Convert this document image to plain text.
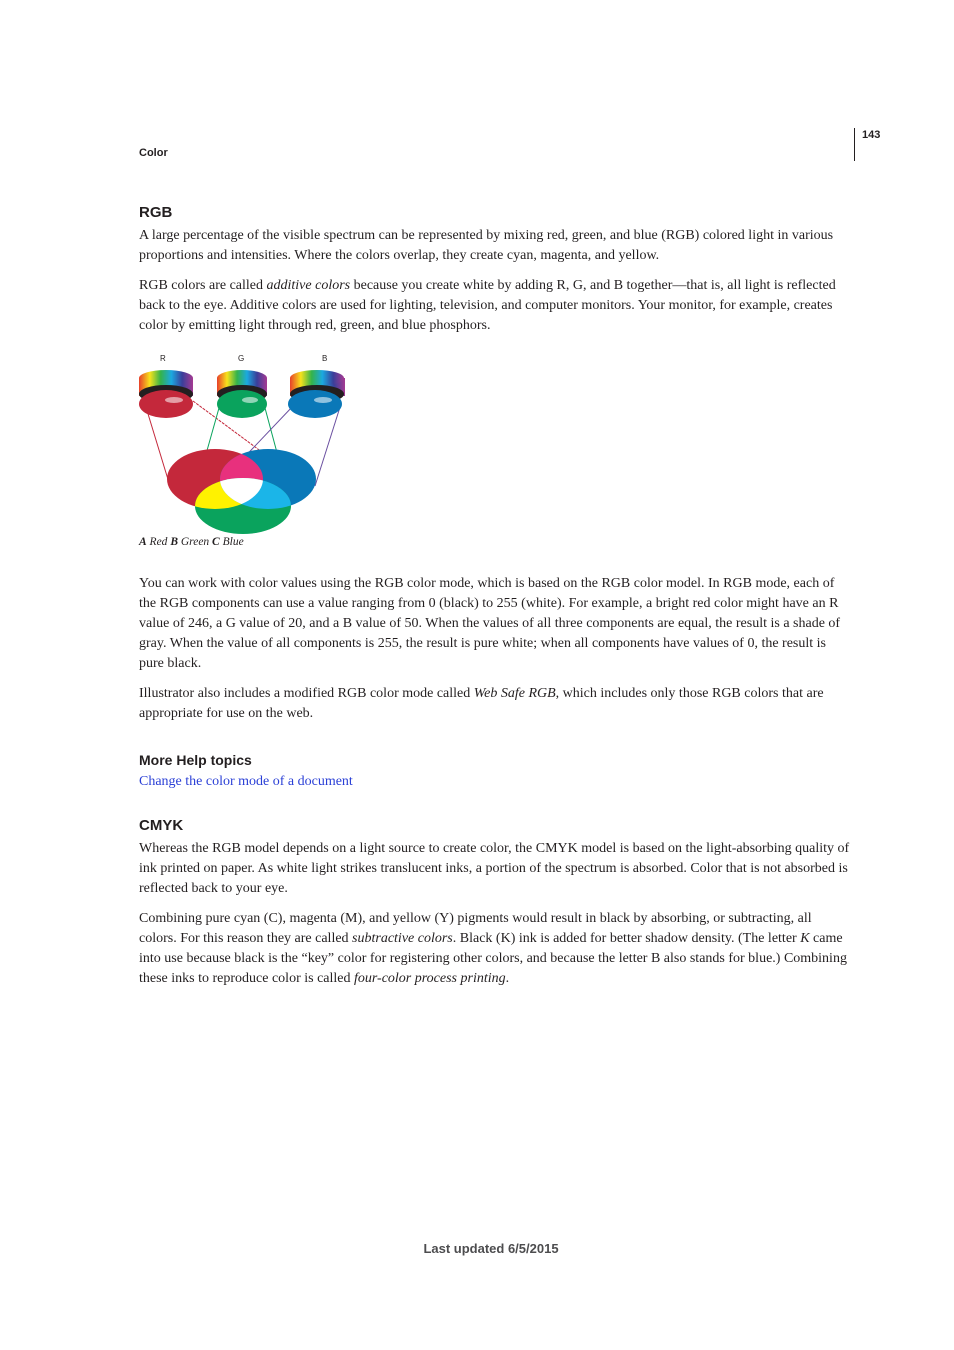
143
Color
RGB

A large percentage of the visible spectrum can be represented by mixing red, green, and blue (RGB) colored light in various proportions and intensities. Where the colors overlap, they create cyan, magenta, and yellow.

RGB colors are called additive colors because you create white by adding R, G, and B together—that is, all light is reflected back to the eye. Additive colors are used for lighting, television, and computer monitors. Your monitor, for example, creates color by emitting light through red, green, and blue phosphors.

R	G	B
A Red B Green C Blue

You can work with color values using the RGB color mode, which is based on the RGB color model. In RGB mode, each of the RGB components can use a value ranging from 0 (black) to 255 (white). For example, a bright red color might have an R value of 246, a G value of 20, and a B value of 50. When the values of all three components are equal, the result is a shade of gray. When the value of all components is 255, the result is pure white; when all components have values of 0, the result is pure black.

Illustrator also includes a modified RGB color mode called Web Safe RGB, which includes only those RGB colors that are appropriate for use on the web.

More Help topics
Change the color mode of a document
CMYK

Whereas the RGB model depends on a light source to create color, the CMYK model is based on the light-absorbing quality of ink printed on paper. As white light strikes translucent inks, a portion of the spectrum is absorbed. Color that is not absorbed is reflected back to your eye.

Combining pure cyan (C), magenta (M), and yellow (Y) pigments would result in black by absorbing, or subtracting, all colors. For this reason they are called subtractive colors. Black (K) ink is added for better shadow density. (The letter K came into use because black is the “key” color for registering other colors, and because the letter B also stands for blue.) Combining these inks to reproduce color is called four-color process printing.

Last updated 6/5/2015
